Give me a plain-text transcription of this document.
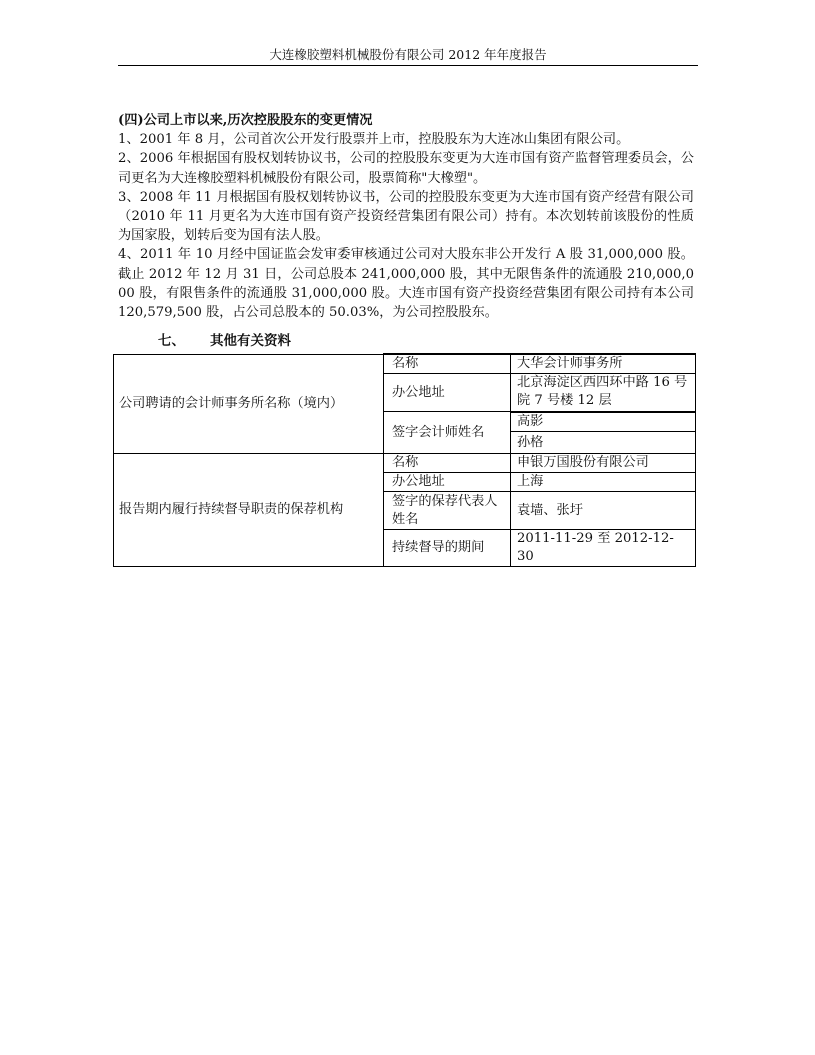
大连橡胶塑料机械股份有限公司 2012 年年度报告

(四)公司上市以来,历次控股股东的变更情况

1、2001 年 8 月，公司首次公开发行股票并上市，控股股东为大连冰山集团有限公司。

2、2006 年根据国有股权划转协议书，公司的控股股东变更为大连市国有资产监督管理委员会，公司更名为大连橡胶塑料机械股份有限公司，股票简称"大橡塑"。

3、2008 年 11 月根据国有股权划转协议书，公司的控股股东变更为大连市国有资产经营有限公司（2010 年 11 月更名为大连市国有资产投资经营集团有限公司）持有。本次划转前该股份的性质为国家股，划转后变为国有法人股。

4、2011 年 10 月经中国证监会发审委审核通过公司对大股东非公开发行 A 股 31,000,000 股。截止 2012 年 12 月 31 日，公司总股本 241,000,000 股，其中无限售条件的流通股 210,000,000 股，有限售条件的流通股 31,000,000 股。大连市国有资产投资经营集团有限公司持有本公司 120,579,500 股，占公司总股本的 50.03%，为公司控股股东。

七、 其他有关资料
公司聘请的会计师事务所名称（境内）	名称	大华会计师事务所
	办公地址	北京海淀区西四环中路 16 号院 7 号楼 12 层
	签字会计师姓名	高影
		孙格
报告期内履行持续督导职责的保荐机构	名称	申银万国股份有限公司
	办公地址	上海
	签字的保荐代表人姓名	袁墙、张圩
	持续督导的期间	2011-11-29 至 2012-12-30
